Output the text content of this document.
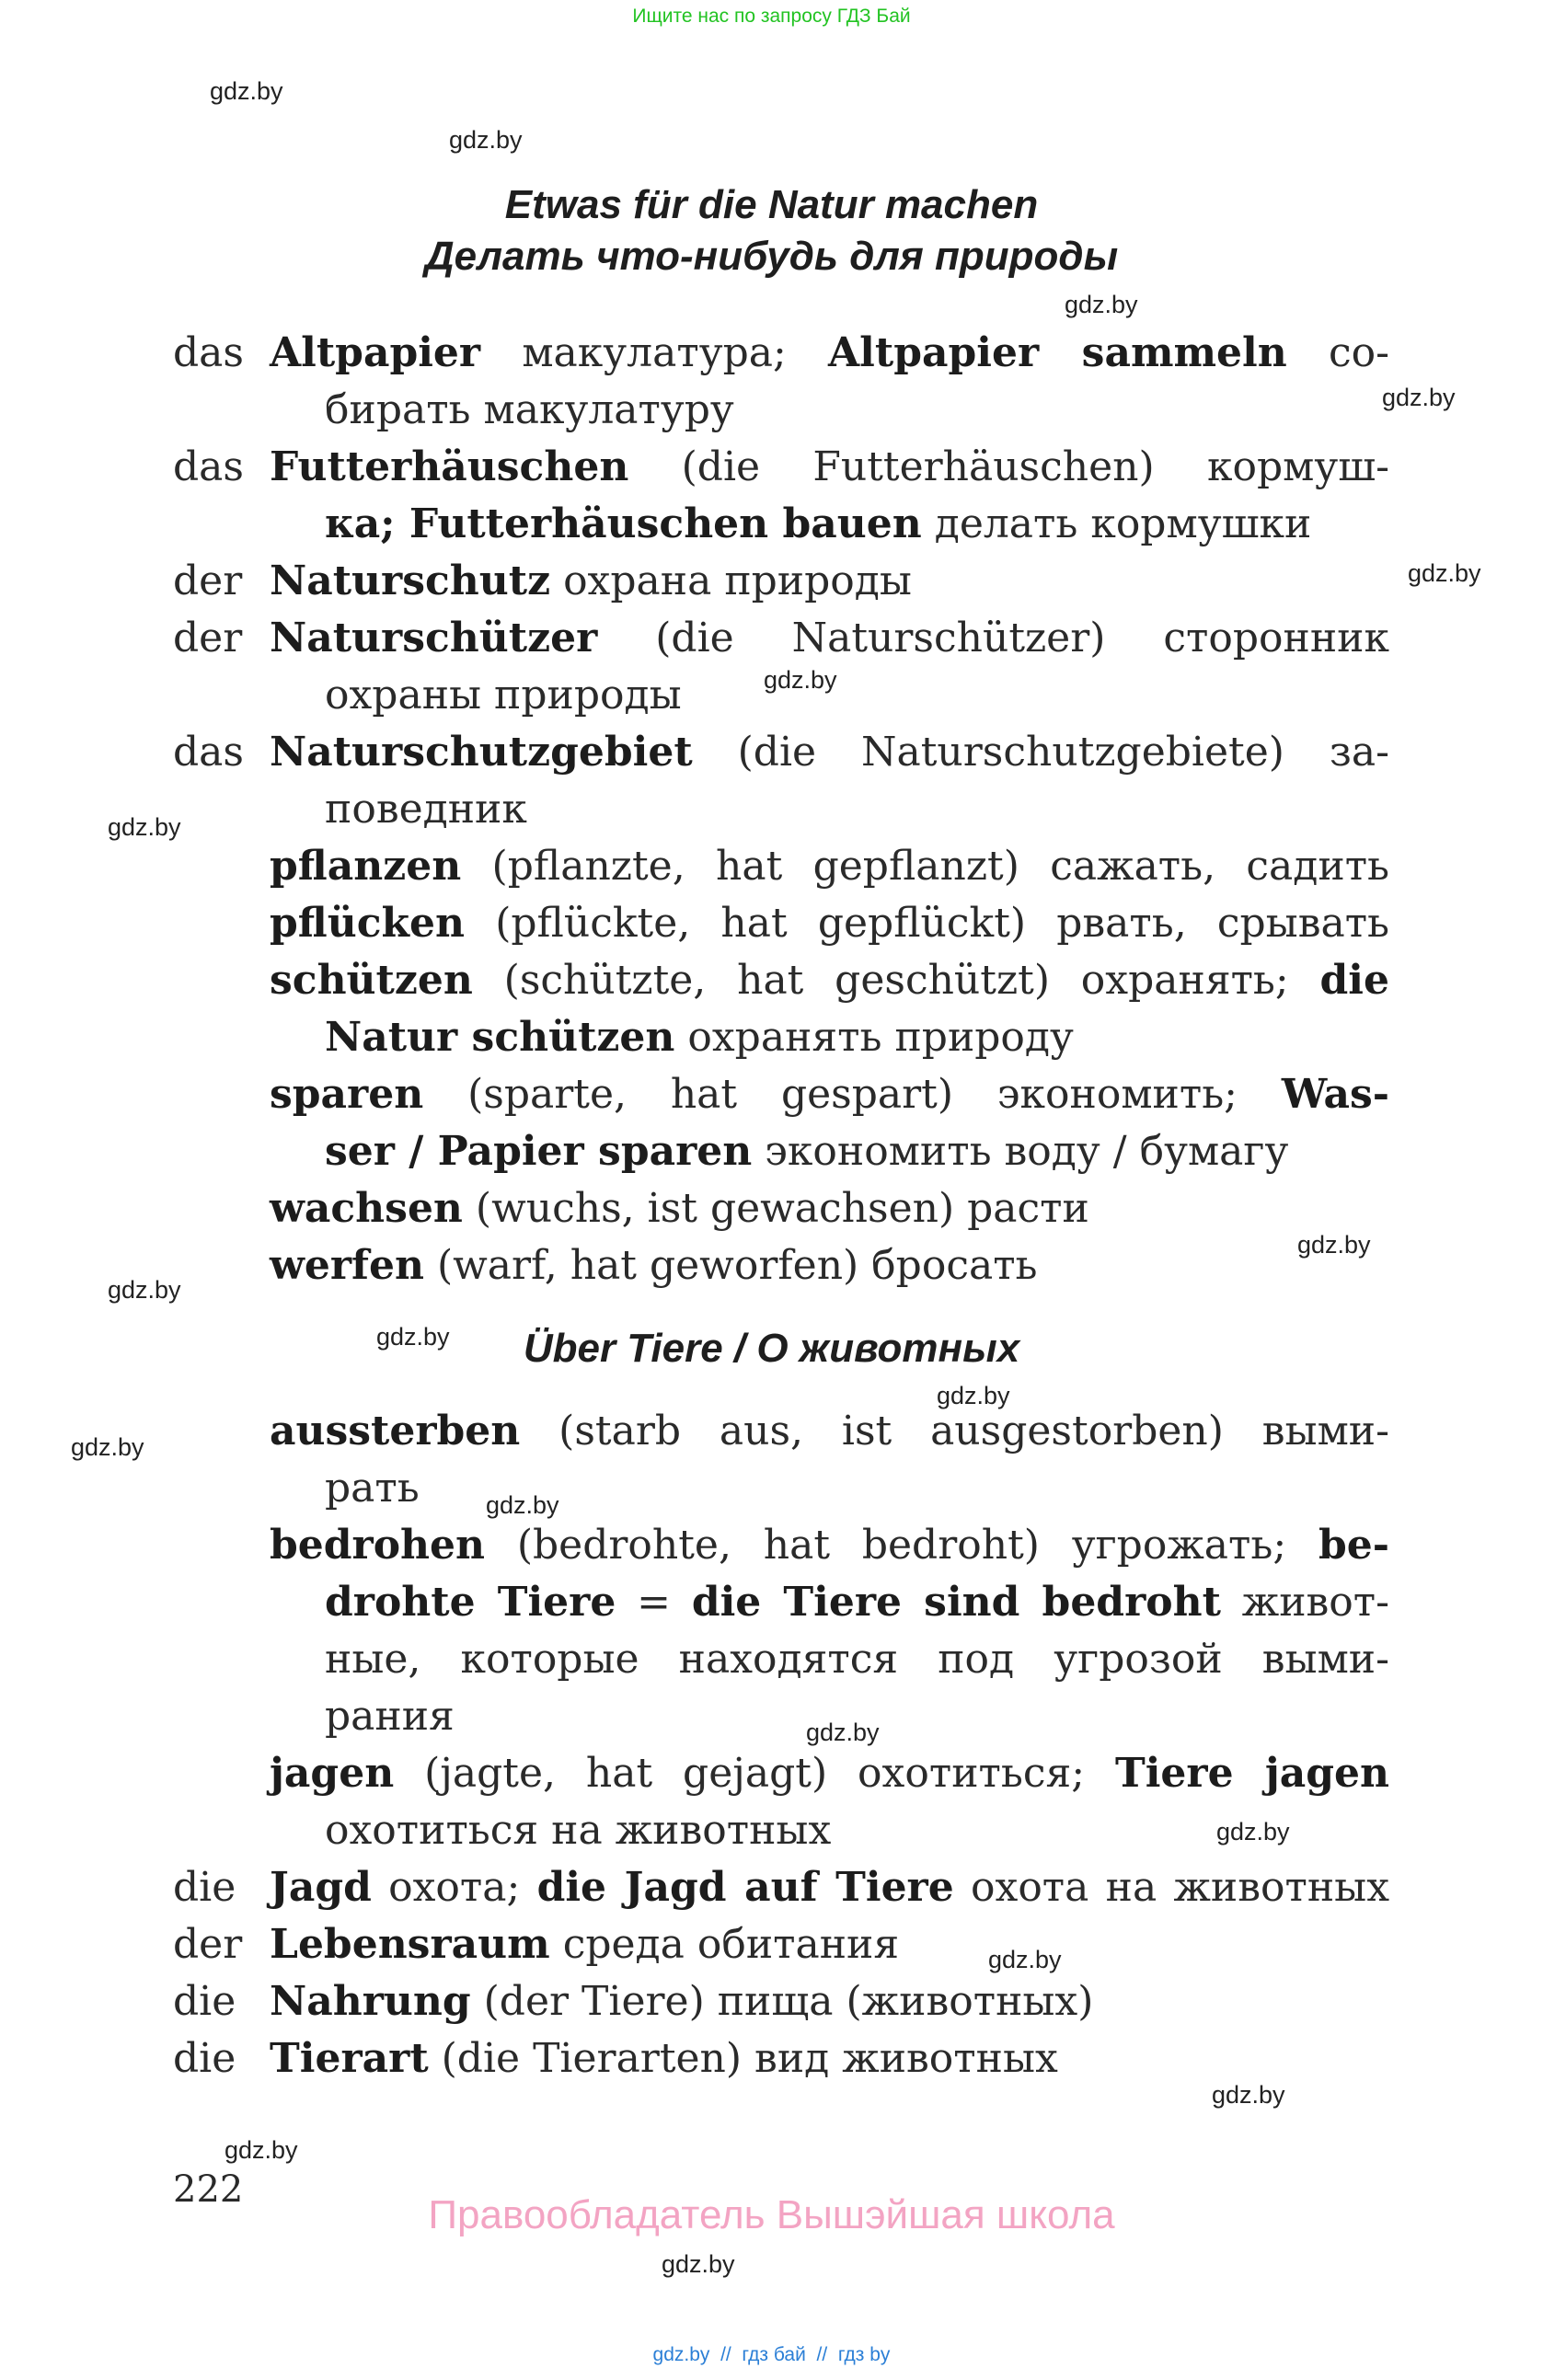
Ищите нас по запросу ГДЗ Бай
gdz.by
gdz.by
gdz.by
gdz.by
gdz.by
gdz.by
gdz.by
gdz.by
gdz.by
gdz.by
gdz.by
gdz.by
gdz.by
gdz.by
gdz.by
gdz.by
gdz.by
gdz.by
gdz.by
Etwas für die Natur machen
Делать что-нибудь для природы
das Altpapier макулатура; Altpapier sammeln со-
бирать макулатуру
das Futterhäuschen (die Futterhäuschen) кормуш-
ка; Futterhäuschen bauen делать кормушки
der Naturschutz охрана природы
der Naturschützer (die Naturschützer) сторонник
охраны природы
das Naturschutzgebiet (die Naturschutzgebiete) за-
поведник
pflanzen (pflanzte, hat gepflanzt) сажать, садить
pflücken (pflückte, hat gepflückt) рвать, срывать
schützen (schützte, hat geschützt) охранять; die
Natur schützen охранять природу
sparen (sparte, hat gespart) экономить; Was-
ser / Papier sparen экономить воду / бумагу
wachsen (wuchs, ist gewachsen) расти
werfen (warf, hat geworfen) бросать
Über Tiere / О животных
aussterben (starb aus, ist ausgestorben) выми-
рать
bedrohen (bedrohte, hat bedroht) угрожать; be-
drohte Tiere = die Tiere sind bedroht живот-
ные, которые находятся под угрозой выми-
рания
jagen (jagte, hat gejagt) охотиться; Tiere jagen
охотиться на животных
die Jagd охота; die Jagd auf Tiere охота на животных
der Lebensraum среда обитания
die Nahrung (der Tiere) пища (животных)
die Tierart (die Tierarten) вид животных
222
Правообладатель Вышэйшая школа
gdz.by  //  гдз бай  //  гдз by
